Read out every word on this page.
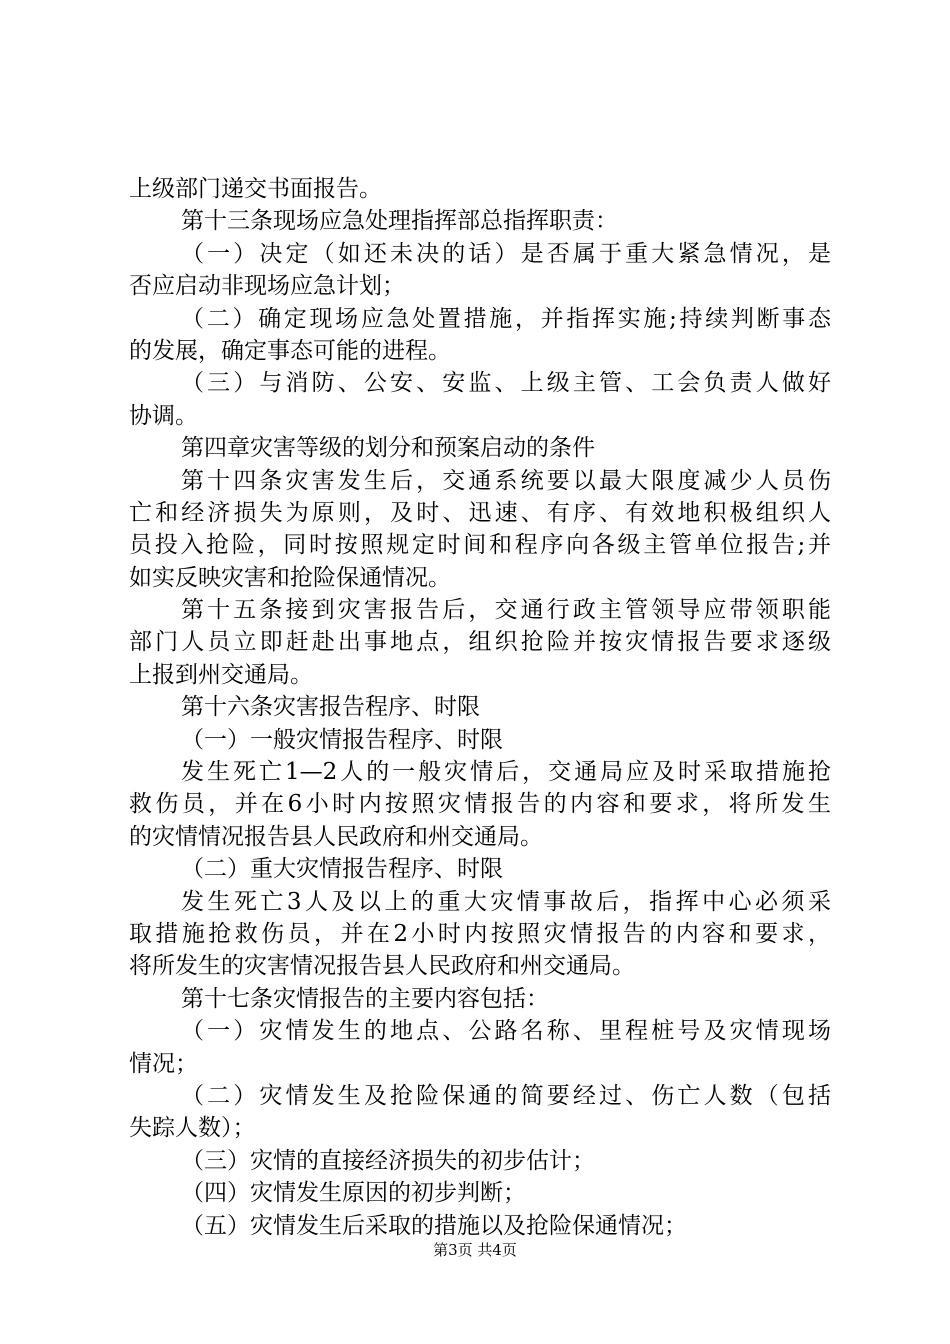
上级部门递交书面报告。
第十三条现场应急处理指挥部总指挥职责：
（一）决定（如还未决的话）是否属于重大紧急情况，是
否应启动非现场应急计划；
（二）确定现场应急处置措施，并指挥实施;持续判断事态
的发展，确定事态可能的进程。
（三）与消防、公安、安监、上级主管、工会负责人做好
协调。
第四章灾害等级的划分和预案启动的条件
第十四条灾害发生后，交通系统要以最大限度减少人员伤
亡和经济损失为原则，及时、迅速、有序、有效地积极组织人
员投入抢险，同时按照规定时间和程序向各级主管单位报告;并
如实反映灾害和抢险保通情况。
第十五条接到灾害报告后，交通行政主管领导应带领职能
部门人员立即赶赴出事地点，组织抢险并按灾情报告要求逐级
上报到州交通局。
第十六条灾害报告程序、时限
（一）一般灾情报告程序、时限
发生死亡1—2人的一般灾情后，交通局应及时采取措施抢
救伤员，并在6小时内按照灾情报告的内容和要求，将所发生
的灾情情况报告县人民政府和州交通局。
（二）重大灾情报告程序、时限
发生死亡3人及以上的重大灾情事故后，指挥中心必须采
取措施抢救伤员，并在2小时内按照灾情报告的内容和要求，
将所发生的灾害情况报告县人民政府和州交通局。
第十七条灾情报告的主要内容包括：
（一）灾情发生的地点、公路名称、里程桩号及灾情现场
情况；
（二）灾情发生及抢险保通的简要经过、伤亡人数（包括
失踪人数）；
（三）灾情的直接经济损失的初步估计；
（四）灾情发生原因的初步判断；
（五）灾情发生后采取的措施以及抢险保通情况；
第3页 共4页
